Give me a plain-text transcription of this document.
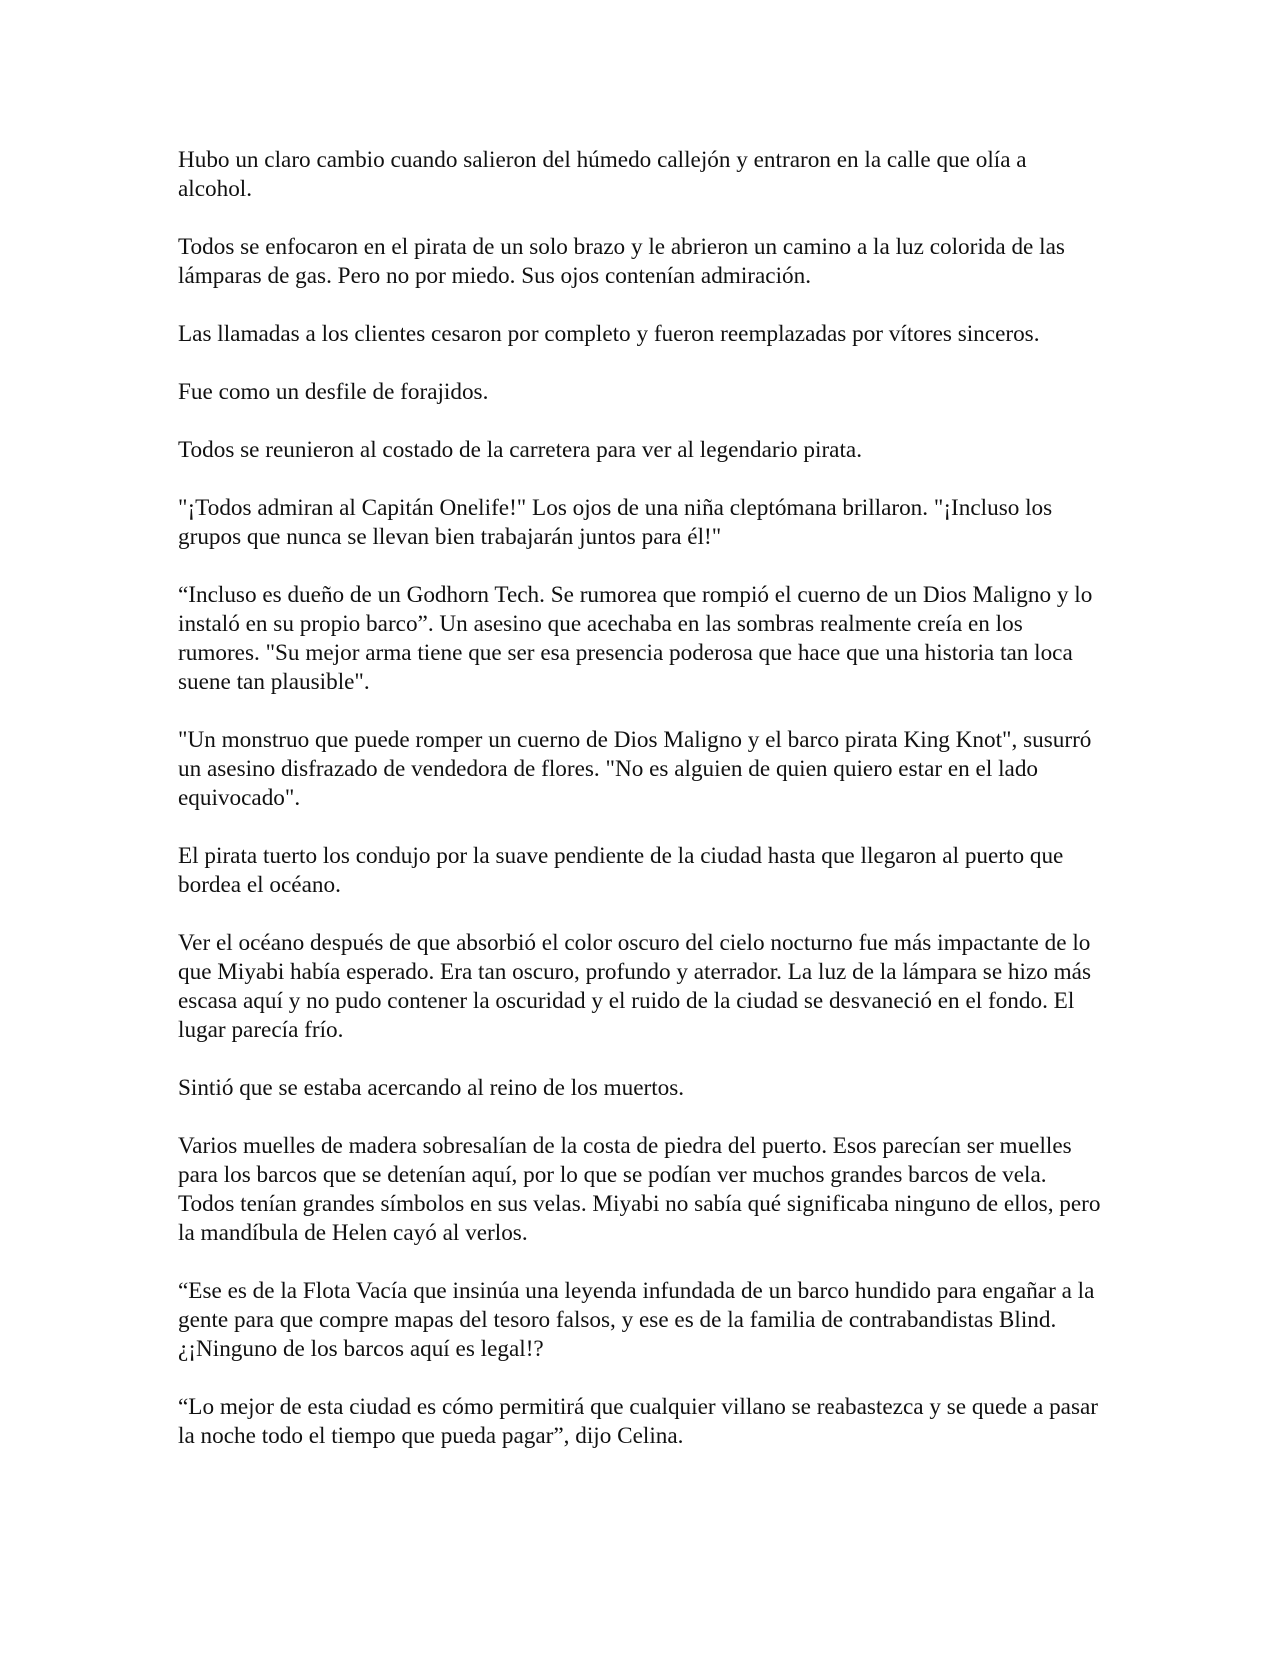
Hubo un claro cambio cuando salieron del húmedo callejón y entraron en la calle que olía a alcohol.

Todos se enfocaron en el pirata de un solo brazo y le abrieron un camino a la luz colorida de las lámparas de gas. Pero no por miedo. Sus ojos contenían admiración.

Las llamadas a los clientes cesaron por completo y fueron reemplazadas por vítores sinceros.

Fue como un desfile de forajidos.

Todos se reunieron al costado de la carretera para ver al legendario pirata.

"¡Todos admiran al Capitán Onelife!" Los ojos de una niña cleptómana brillaron. "¡Incluso los grupos que nunca se llevan bien trabajarán juntos para él!"

“Incluso es dueño de un Godhorn Tech. Se rumorea que rompió el cuerno de un Dios Maligno y lo instaló en su propio barco”. Un asesino que acechaba en las sombras realmente creía en los rumores. "Su mejor arma tiene que ser esa presencia poderosa que hace que una historia tan loca suene tan plausible".

"Un monstruo que puede romper un cuerno de Dios Maligno y el barco pirata King Knot", susurró un asesino disfrazado de vendedora de flores. "No es alguien de quien quiero estar en el lado equivocado".

El pirata tuerto los condujo por la suave pendiente de la ciudad hasta que llegaron al puerto que bordea el océano.

Ver el océano después de que absorbió el color oscuro del cielo nocturno fue más impactante de lo que Miyabi había esperado. Era tan oscuro, profundo y aterrador. La luz de la lámpara se hizo más escasa aquí y no pudo contener la oscuridad y el ruido de la ciudad se desvaneció en el fondo. El lugar parecía frío.

Sintió que se estaba acercando al reino de los muertos.

Varios muelles de madera sobresalían de la costa de piedra del puerto. Esos parecían ser muelles para los barcos que se detenían aquí, por lo que se podían ver muchos grandes barcos de vela. Todos tenían grandes símbolos en sus velas. Miyabi no sabía qué significaba ninguno de ellos, pero la mandíbula de Helen cayó al verlos.

“Ese es de la Flota Vacía que insinúa una leyenda infundada de un barco hundido para engañar a la gente para que compre mapas del tesoro falsos, y ese es de la familia de contrabandistas Blind. ¿¡Ninguno de los barcos aquí es legal!?

“Lo mejor de esta ciudad es cómo permitirá que cualquier villano se reabastezca y se quede a pasar la noche todo el tiempo que pueda pagar”, dijo Celina.
